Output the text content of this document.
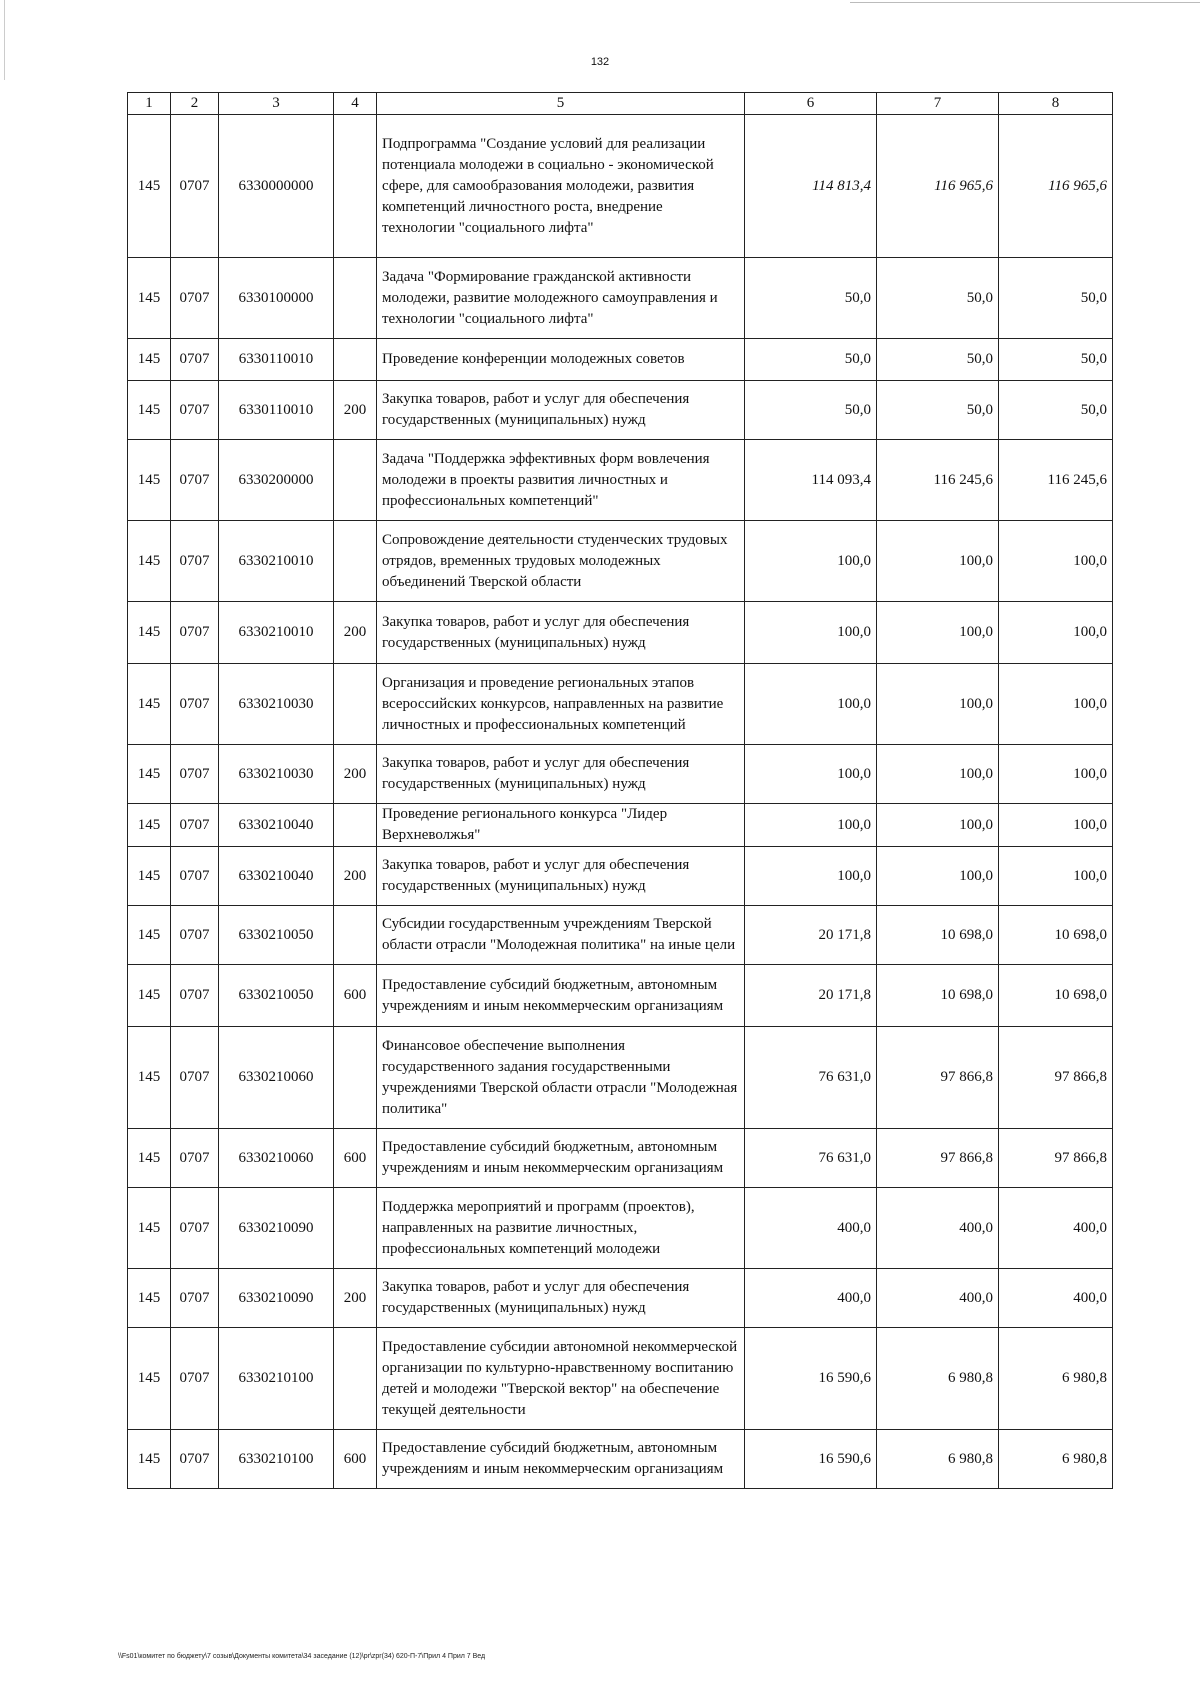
132
1	2	3	4	5	6	7	8
145	0707	6330000000		Подпрограмма "Создание условий для реализации потенциала молодежи в социально - экономической сфере, для самообразования молодежи, развития компетенций личностного роста, внедрение технологии "социального лифта"	114 813,4	116 965,6	116 965,6
145	0707	6330100000		Задача "Формирование гражданской активности молодежи, развитие молодежного самоуправления и технологии "социального лифта"	50,0	50,0	50,0
145	0707	6330110010		Проведение конференции молодежных советов	50,0	50,0	50,0
145	0707	6330110010	200	Закупка товаров, работ и услуг для обеспечения государственных (муниципальных) нужд	50,0	50,0	50,0
145	0707	6330200000		Задача "Поддержка эффективных форм вовлечения молодежи в проекты развития личностных и профессиональных компетенций"	114 093,4	116 245,6	116 245,6
145	0707	6330210010		Сопровождение деятельности студенческих трудовых отрядов, временных трудовых молодежных объединений Тверской области	100,0	100,0	100,0
145	0707	6330210010	200	Закупка товаров, работ и услуг для обеспечения государственных (муниципальных) нужд	100,0	100,0	100,0
145	0707	6330210030		Организация и проведение региональных этапов всероссийских конкурсов, направленных на развитие личностных и профессиональных компетенций	100,0	100,0	100,0
145	0707	6330210030	200	Закупка товаров, работ и услуг для обеспечения государственных (муниципальных) нужд	100,0	100,0	100,0
145	0707	6330210040		Проведение регионального конкурса "Лидер Верхневолжья"	100,0	100,0	100,0
145	0707	6330210040	200	Закупка товаров, работ и услуг для обеспечения государственных (муниципальных) нужд	100,0	100,0	100,0
145	0707	6330210050		Субсидии государственным учреждениям Тверской области отрасли "Молодежная политика" на иные цели	20 171,8	10 698,0	10 698,0
145	0707	6330210050	600	Предоставление субсидий бюджетным, автономным учреждениям и иным некоммерческим организациям	20 171,8	10 698,0	10 698,0
145	0707	6330210060		Финансовое обеспечение выполнения государственного задания государственными учреждениями Тверской области отрасли "Молодежная политика"	76 631,0	97 866,8	97 866,8
145	0707	6330210060	600	Предоставление субсидий бюджетным, автономным учреждениям и иным некоммерческим организациям	76 631,0	97 866,8	97 866,8
145	0707	6330210090		Поддержка мероприятий и программ (проектов), направленных на развитие личностных, профессиональных компетенций молодежи	400,0	400,0	400,0
145	0707	6330210090	200	Закупка товаров, работ и услуг для обеспечения государственных (муниципальных) нужд	400,0	400,0	400,0
145	0707	6330210100		Предоставление субсидии автономной некоммерческой организации по культурно-нравственному воспитанию детей и молодежи "Тверской вектор" на обеспечение текущей деятельности	16 590,6	6 980,8	6 980,8
145	0707	6330210100	600	Предоставление субсидий бюджетным, автономным учреждениям и иным некоммерческим организациям	16 590,6	6 980,8	6 980,8
\\Fs01\комитет по бюджету\7 созыв\Документы комитета\34 заседание (12)\pr\zpr(34) 620-П-7\Прил 4 Прил 7 Вед
